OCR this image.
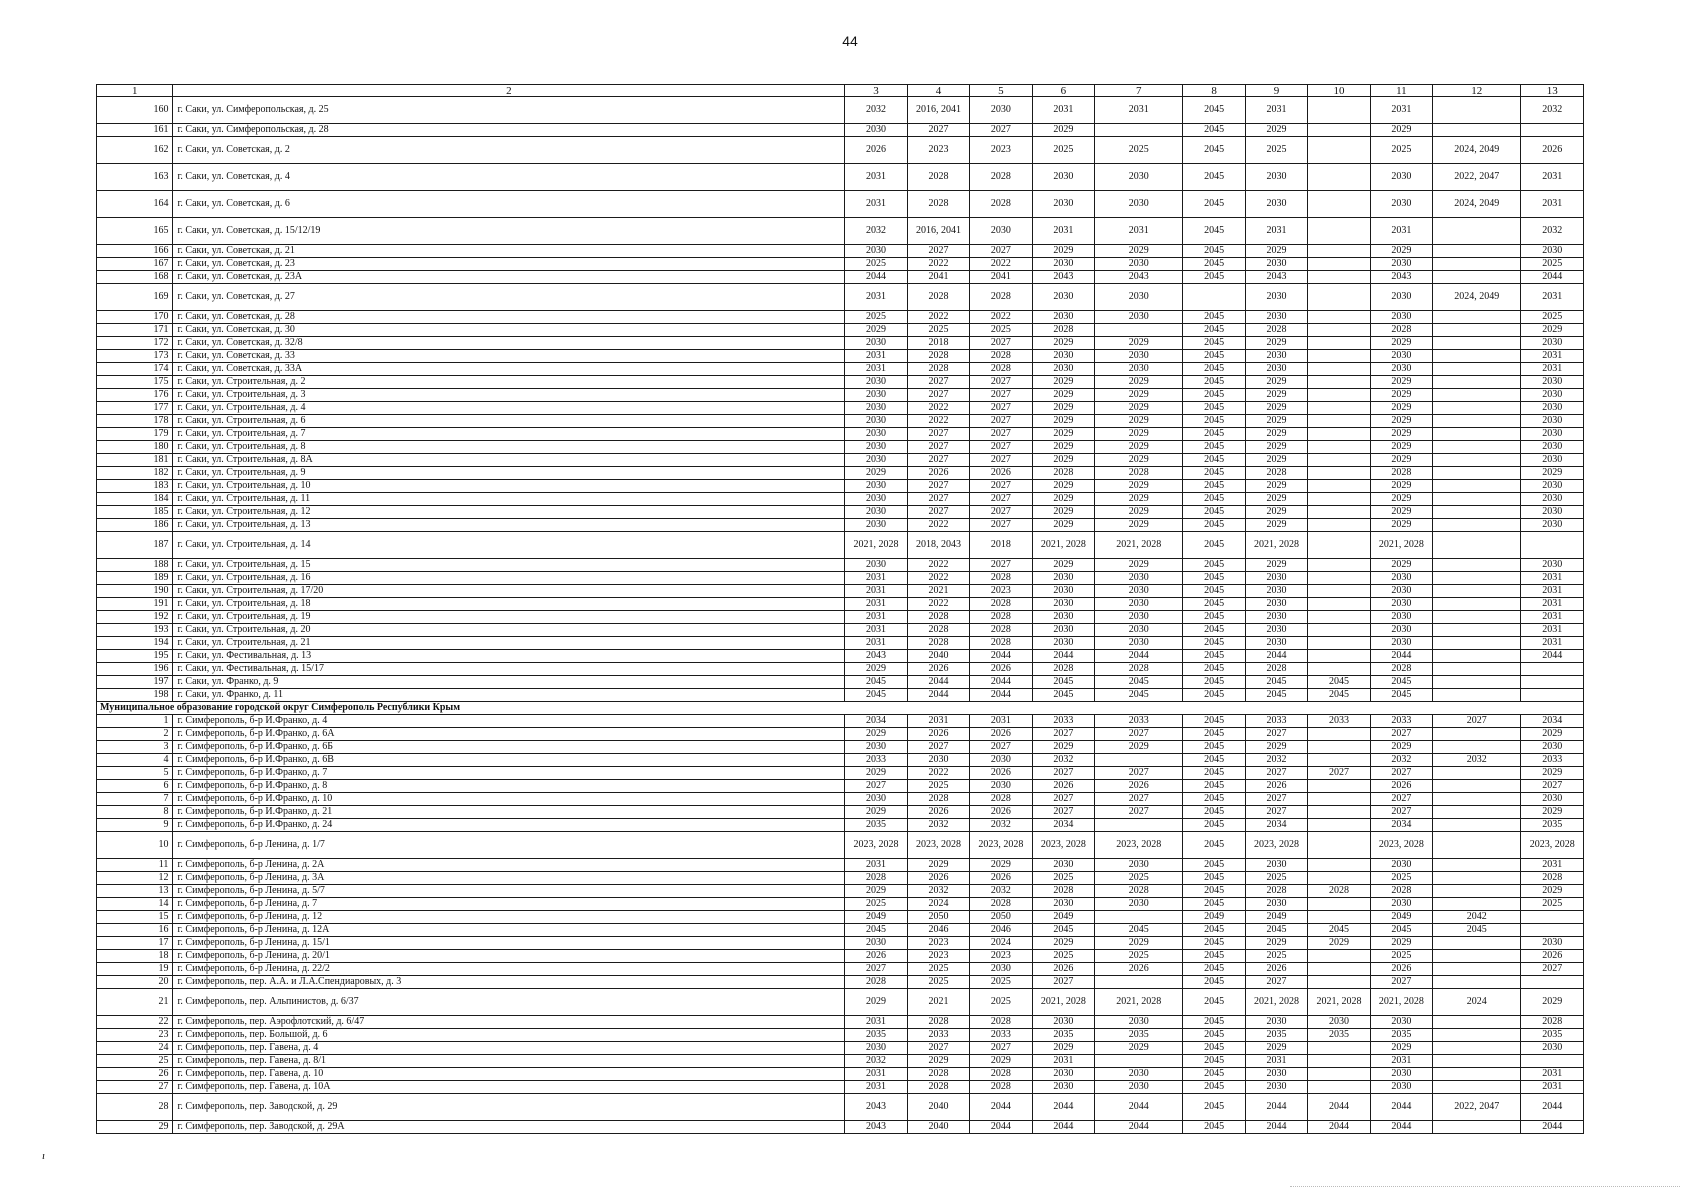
44
1	2	3	4	5	6	7	8	9	10	11	12	13
160	г. Саки, ул. Симферопольская, д. 25	2032	2016, 2041	2030	2031	2031	2045	2031		2031		2032
161	г. Саки, ул. Симферопольская, д. 28	2030	2027	2027	2029		2045	2029		2029		
162	г. Саки, ул. Советская, д. 2	2026	2023	2023	2025	2025	2045	2025		2025	2024, 2049	2026
163	г. Саки, ул. Советская, д. 4	2031	2028	2028	2030	2030	2045	2030		2030	2022, 2047	2031
164	г. Саки, ул. Советская, д. 6	2031	2028	2028	2030	2030	2045	2030		2030	2024, 2049	2031
165	г. Саки, ул. Советская, д. 15/12/19	2032	2016, 2041	2030	2031	2031	2045	2031		2031		2032
166	г. Саки, ул. Советская, д. 21	2030	2027	2027	2029	2029	2045	2029		2029		2030
167	г. Саки, ул. Советская, д. 23	2025	2022	2022	2030	2030	2045	2030		2030		2025
168	г. Саки, ул. Советская, д. 23А	2044	2041	2041	2043	2043	2045	2043		2043		2044
169	г. Саки, ул. Советская, д. 27	2031	2028	2028	2030	2030		2030		2030	2024, 2049	2031
170	г. Саки, ул. Советская, д. 28	2025	2022	2022	2030	2030	2045	2030		2030		2025
171	г. Саки, ул. Советская, д. 30	2029	2025	2025	2028		2045	2028		2028		2029
172	г. Саки, ул. Советская, д. 32/8	2030	2018	2027	2029	2029	2045	2029		2029		2030
173	г. Саки, ул. Советская, д. 33	2031	2028	2028	2030	2030	2045	2030		2030		2031
174	г. Саки, ул. Советская, д. 33А	2031	2028	2028	2030	2030	2045	2030		2030		2031
175	г. Саки, ул. Строительная, д. 2	2030	2027	2027	2029	2029	2045	2029		2029		2030
176	г. Саки, ул. Строительная, д. 3	2030	2027	2027	2029	2029	2045	2029		2029		2030
177	г. Саки, ул. Строительная, д. 4	2030	2022	2027	2029	2029	2045	2029		2029		2030
178	г. Саки, ул. Строительная, д. 6	2030	2022	2027	2029	2029	2045	2029		2029		2030
179	г. Саки, ул. Строительная, д. 7	2030	2027	2027	2029	2029	2045	2029		2029		2030
180	г. Саки, ул. Строительная, д. 8	2030	2027	2027	2029	2029	2045	2029		2029		2030
181	г. Саки, ул. Строительная, д. 8А	2030	2027	2027	2029	2029	2045	2029		2029		2030
182	г. Саки, ул. Строительная, д. 9	2029	2026	2026	2028	2028	2045	2028		2028		2029
183	г. Саки, ул. Строительная, д. 10	2030	2027	2027	2029	2029	2045	2029		2029		2030
184	г. Саки, ул. Строительная, д. 11	2030	2027	2027	2029	2029	2045	2029		2029		2030
185	г. Саки, ул. Строительная, д. 12	2030	2027	2027	2029	2029	2045	2029		2029		2030
186	г. Саки, ул. Строительная, д. 13	2030	2022	2027	2029	2029	2045	2029		2029		2030
187	г. Саки, ул. Строительная, д. 14	2021, 2028	2018, 2043	2018	2021, 2028	2021, 2028	2045	2021, 2028		2021, 2028		
188	г. Саки, ул. Строительная, д. 15	2030	2022	2027	2029	2029	2045	2029		2029		2030
189	г. Саки, ул. Строительная, д. 16	2031	2022	2028	2030	2030	2045	2030		2030		2031
190	г. Саки, ул. Строительная, д. 17/20	2031	2021	2023	2030	2030	2045	2030		2030		2031
191	г. Саки, ул. Строительная, д. 18	2031	2022	2028	2030	2030	2045	2030		2030		2031
192	г. Саки, ул. Строительная, д. 19	2031	2028	2028	2030	2030	2045	2030		2030		2031
193	г. Саки, ул. Строительная, д. 20	2031	2028	2028	2030	2030	2045	2030		2030		2031
194	г. Саки, ул. Строительная, д. 21	2031	2028	2028	2030	2030	2045	2030		2030		2031
195	г. Саки, ул. Фестивальная, д. 13	2043	2040	2044	2044	2044	2045	2044		2044		2044
196	г. Саки, ул. Фестивальная, д. 15/17	2029	2026	2026	2028	2028	2045	2028		2028		
197	г. Саки, ул. Франко, д. 9	2045	2044	2044	2045	2045	2045	2045	2045	2045		
198	г. Саки, ул. Франко, д. 11	2045	2044	2044	2045	2045	2045	2045	2045	2045		
Муниципальное образование городской округ Симферополь Республики Крым												
1	г. Симферополь, б-р И.Франко, д. 4	2034	2031	2031	2033	2033	2045	2033	2033	2033	2027	2034
2	г. Симферополь, б-р И.Франко, д. 6А	2029	2026	2026	2027	2027	2045	2027		2027		2029
3	г. Симферополь, б-р И.Франко, д. 6Б	2030	2027	2027	2029	2029	2045	2029		2029		2030
4	г. Симферополь, б-р И.Франко, д. 6В	2033	2030	2030	2032		2045	2032		2032	2032	2033
5	г. Симферополь, б-р И.Франко, д. 7	2029	2022	2026	2027	2027	2045	2027	2027	2027		2029
6	г. Симферополь, б-р И.Франко, д. 8	2027	2025	2030	2026	2026	2045	2026		2026		2027
7	г. Симферополь, б-р И.Франко, д. 10	2030	2028	2028	2027	2027	2045	2027		2027		2030
8	г. Симферополь, б-р И.Франко, д. 21	2029	2026	2026	2027	2027	2045	2027		2027		2029
9	г. Симферополь, б-р И.Франко, д. 24	2035	2032	2032	2034		2045	2034		2034		2035
10	г. Симферополь, б-р Ленина, д. 1/7	2023, 2028	2023, 2028	2023, 2028	2023, 2028	2023, 2028	2045	2023, 2028		2023, 2028		2023, 2028
11	г. Симферополь, б-р Ленина, д. 2А	2031	2029	2029	2030	2030	2045	2030		2030		2031
12	г. Симферополь, б-р Ленина, д. 3А	2028	2026	2026	2025	2025	2045	2025		2025		2028
13	г. Симферополь, б-р Ленина, д. 5/7	2029	2032	2032	2028	2028	2045	2028	2028	2028		2029
14	г. Симферополь, б-р Ленина, д. 7	2025	2024	2028	2030	2030	2045	2030		2030		2025
15	г. Симферополь, б-р Ленина, д. 12	2049	2050	2050	2049		2049	2049		2049	2042	
16	г. Симферополь, б-р Ленина, д. 12А	2045	2046	2046	2045	2045	2045	2045	2045	2045	2045	
17	г. Симферополь, б-р Ленина, д. 15/1	2030	2023	2024	2029	2029	2045	2029	2029	2029		2030
18	г. Симферополь, б-р Ленина, д. 20/1	2026	2023	2023	2025	2025	2045	2025		2025		2026
19	г. Симферополь, б-р Ленина, д. 22/2	2027	2025	2030	2026	2026	2045	2026		2026		2027
20	г. Симферополь, пер. А.А. и Л.А.Спендиаровых, д. 3	2028	2025	2025	2027		2045	2027		2027		
21	г. Симферополь, пер. Альпинистов, д. 6/37	2029	2021	2025	2021, 2028	2021, 2028	2045	2021, 2028	2021, 2028	2021, 2028	2024	2029
22	г. Симферополь, пер. Аэрофлотский, д. 6/47	2031	2028	2028	2030	2030	2045	2030	2030	2030		2028
23	г. Симферополь, пер. Большой, д. 6	2035	2033	2033	2035	2035	2045	2035	2035	2035		2035
24	г. Симферополь, пер. Гавена, д. 4	2030	2027	2027	2029	2029	2045	2029		2029		2030
25	г. Симферополь, пер. Гавена, д. 8/1	2032	2029	2029	2031		2045	2031		2031		
26	г. Симферополь, пер. Гавена, д. 10	2031	2028	2028	2030	2030	2045	2030		2030		2031
27	г. Симферополь, пер. Гавена, д. 10А	2031	2028	2028	2030	2030	2045	2030		2030		2031
28	г. Симферополь, пер. Заводской, д. 29	2043	2040	2044	2044	2044	2045	2044	2044	2044	2022, 2047	2044
29	г. Симферополь, пер. Заводской, д. 29А	2043	2040	2044	2044	2044	2045	2044	2044	2044		2044
ı
